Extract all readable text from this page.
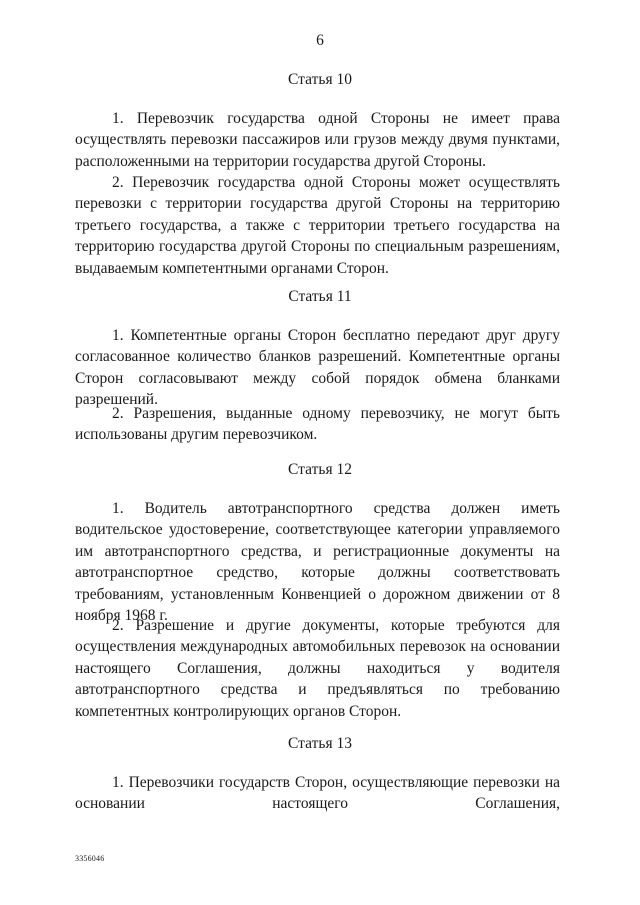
6
Статья 10

1. Перевозчик государства одной Стороны не имеет права осуществлять перевозки пассажиров или грузов между двумя пунктами, расположенными на территории государства другой Стороны.

2. Перевозчик государства одной Стороны может осуществлять перевозки с территории государства другой Стороны на территорию третьего государства, а также с территории третьего государства на территорию государства другой Стороны по специальным разрешениям, выдаваемым компетентными органами Сторон.

Статья 11

1. Компетентные органы Сторон бесплатно передают друг другу согласованное количество бланков разрешений. Компетентные органы Сторон согласовывают между собой порядок обмена бланками разрешений.

2. Разрешения, выданные одному перевозчику, не могут быть использованы другим перевозчиком.

Статья 12

1. Водитель автотранспортного средства должен иметь водительское удостоверение, соответствующее категории управляемого им автотранспортного средства, и регистрационные документы на автотранспортное средство, которые должны соответствовать требованиям, установленным Конвенцией о дорожном движении от 8 ноября 1968 г.

2. Разрешение и другие документы, которые требуются для осуществления международных автомобильных перевозок на основании настоящего Соглашения, должны находиться у водителя автотранспортного средства и предъявляться по требованию компетентных контролирующих органов Сторон.

Статья 13

1. Перевозчики государств Сторон, осуществляющие перевозки на основании настоящего Соглашения,

3356046
